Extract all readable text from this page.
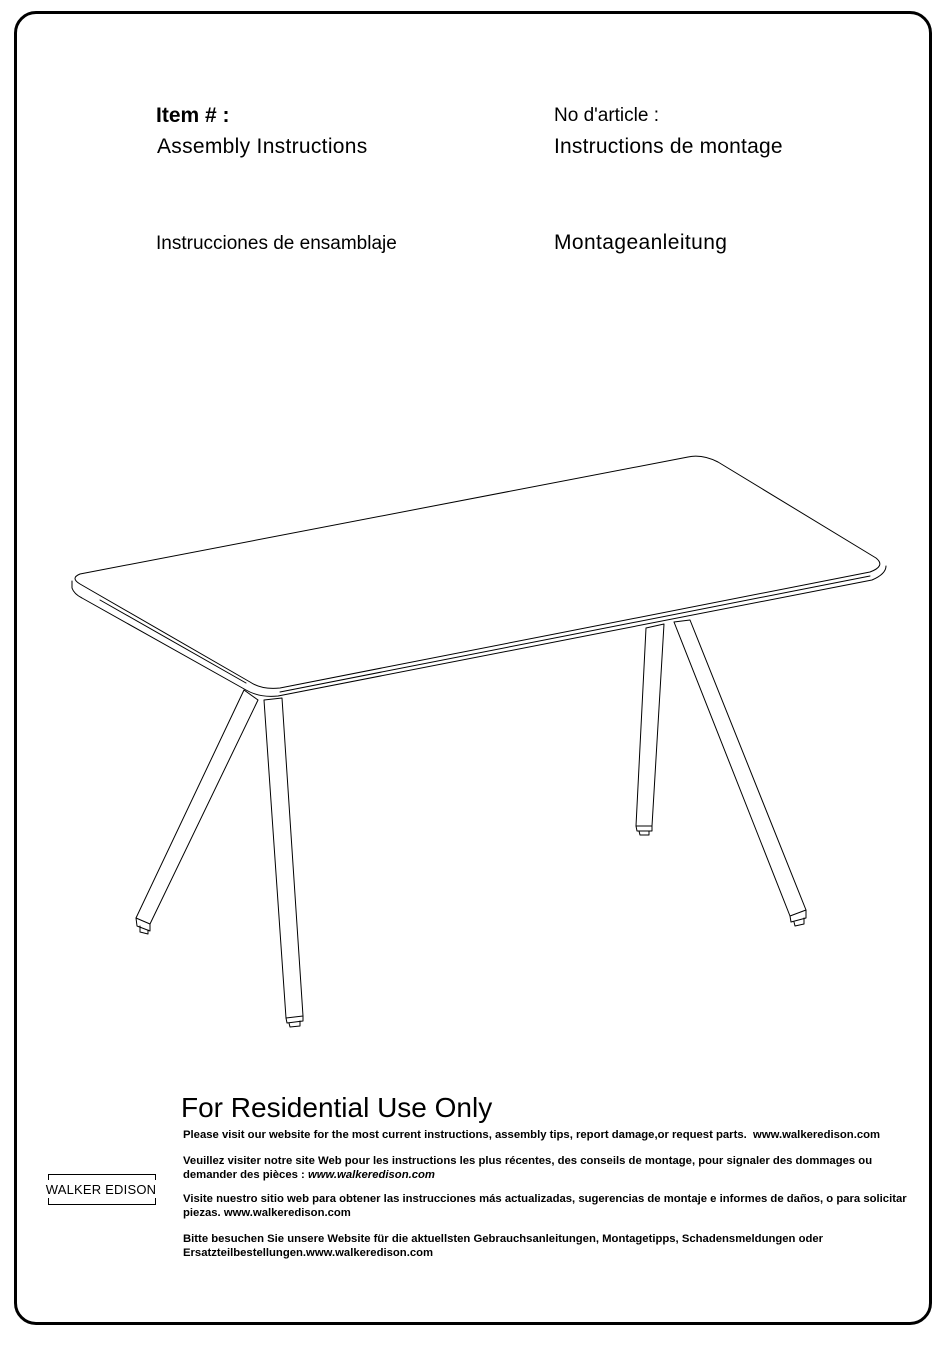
Item # :	No d'article :
Assembly Instructions	Instructions de montage
Instrucciones de ensamblaje	Montageanleitung
For Residential Use Only
WALKER EDISON
Please visit our website for the most current instructions, assembly tips, report damage,or request parts. www.walkeredison.com
Veuillez visiter notre site Web pour les instructions les plus récentes, des conseils de montage, pour signaler des dommages ou demander des pièces : www.walkeredison.com
Visite nuestro sitio web para obtener las instrucciones más actualizadas, sugerencias de montaje e informes de daños, o para solicitar piezas. www.walkeredison.com
Bitte besuchen Sie unsere Website für die aktuellsten Gebrauchsanleitungen, Montagetipps, Schadensmeldungen oder Ersatzteilbestellungen.www.walkeredison.com
